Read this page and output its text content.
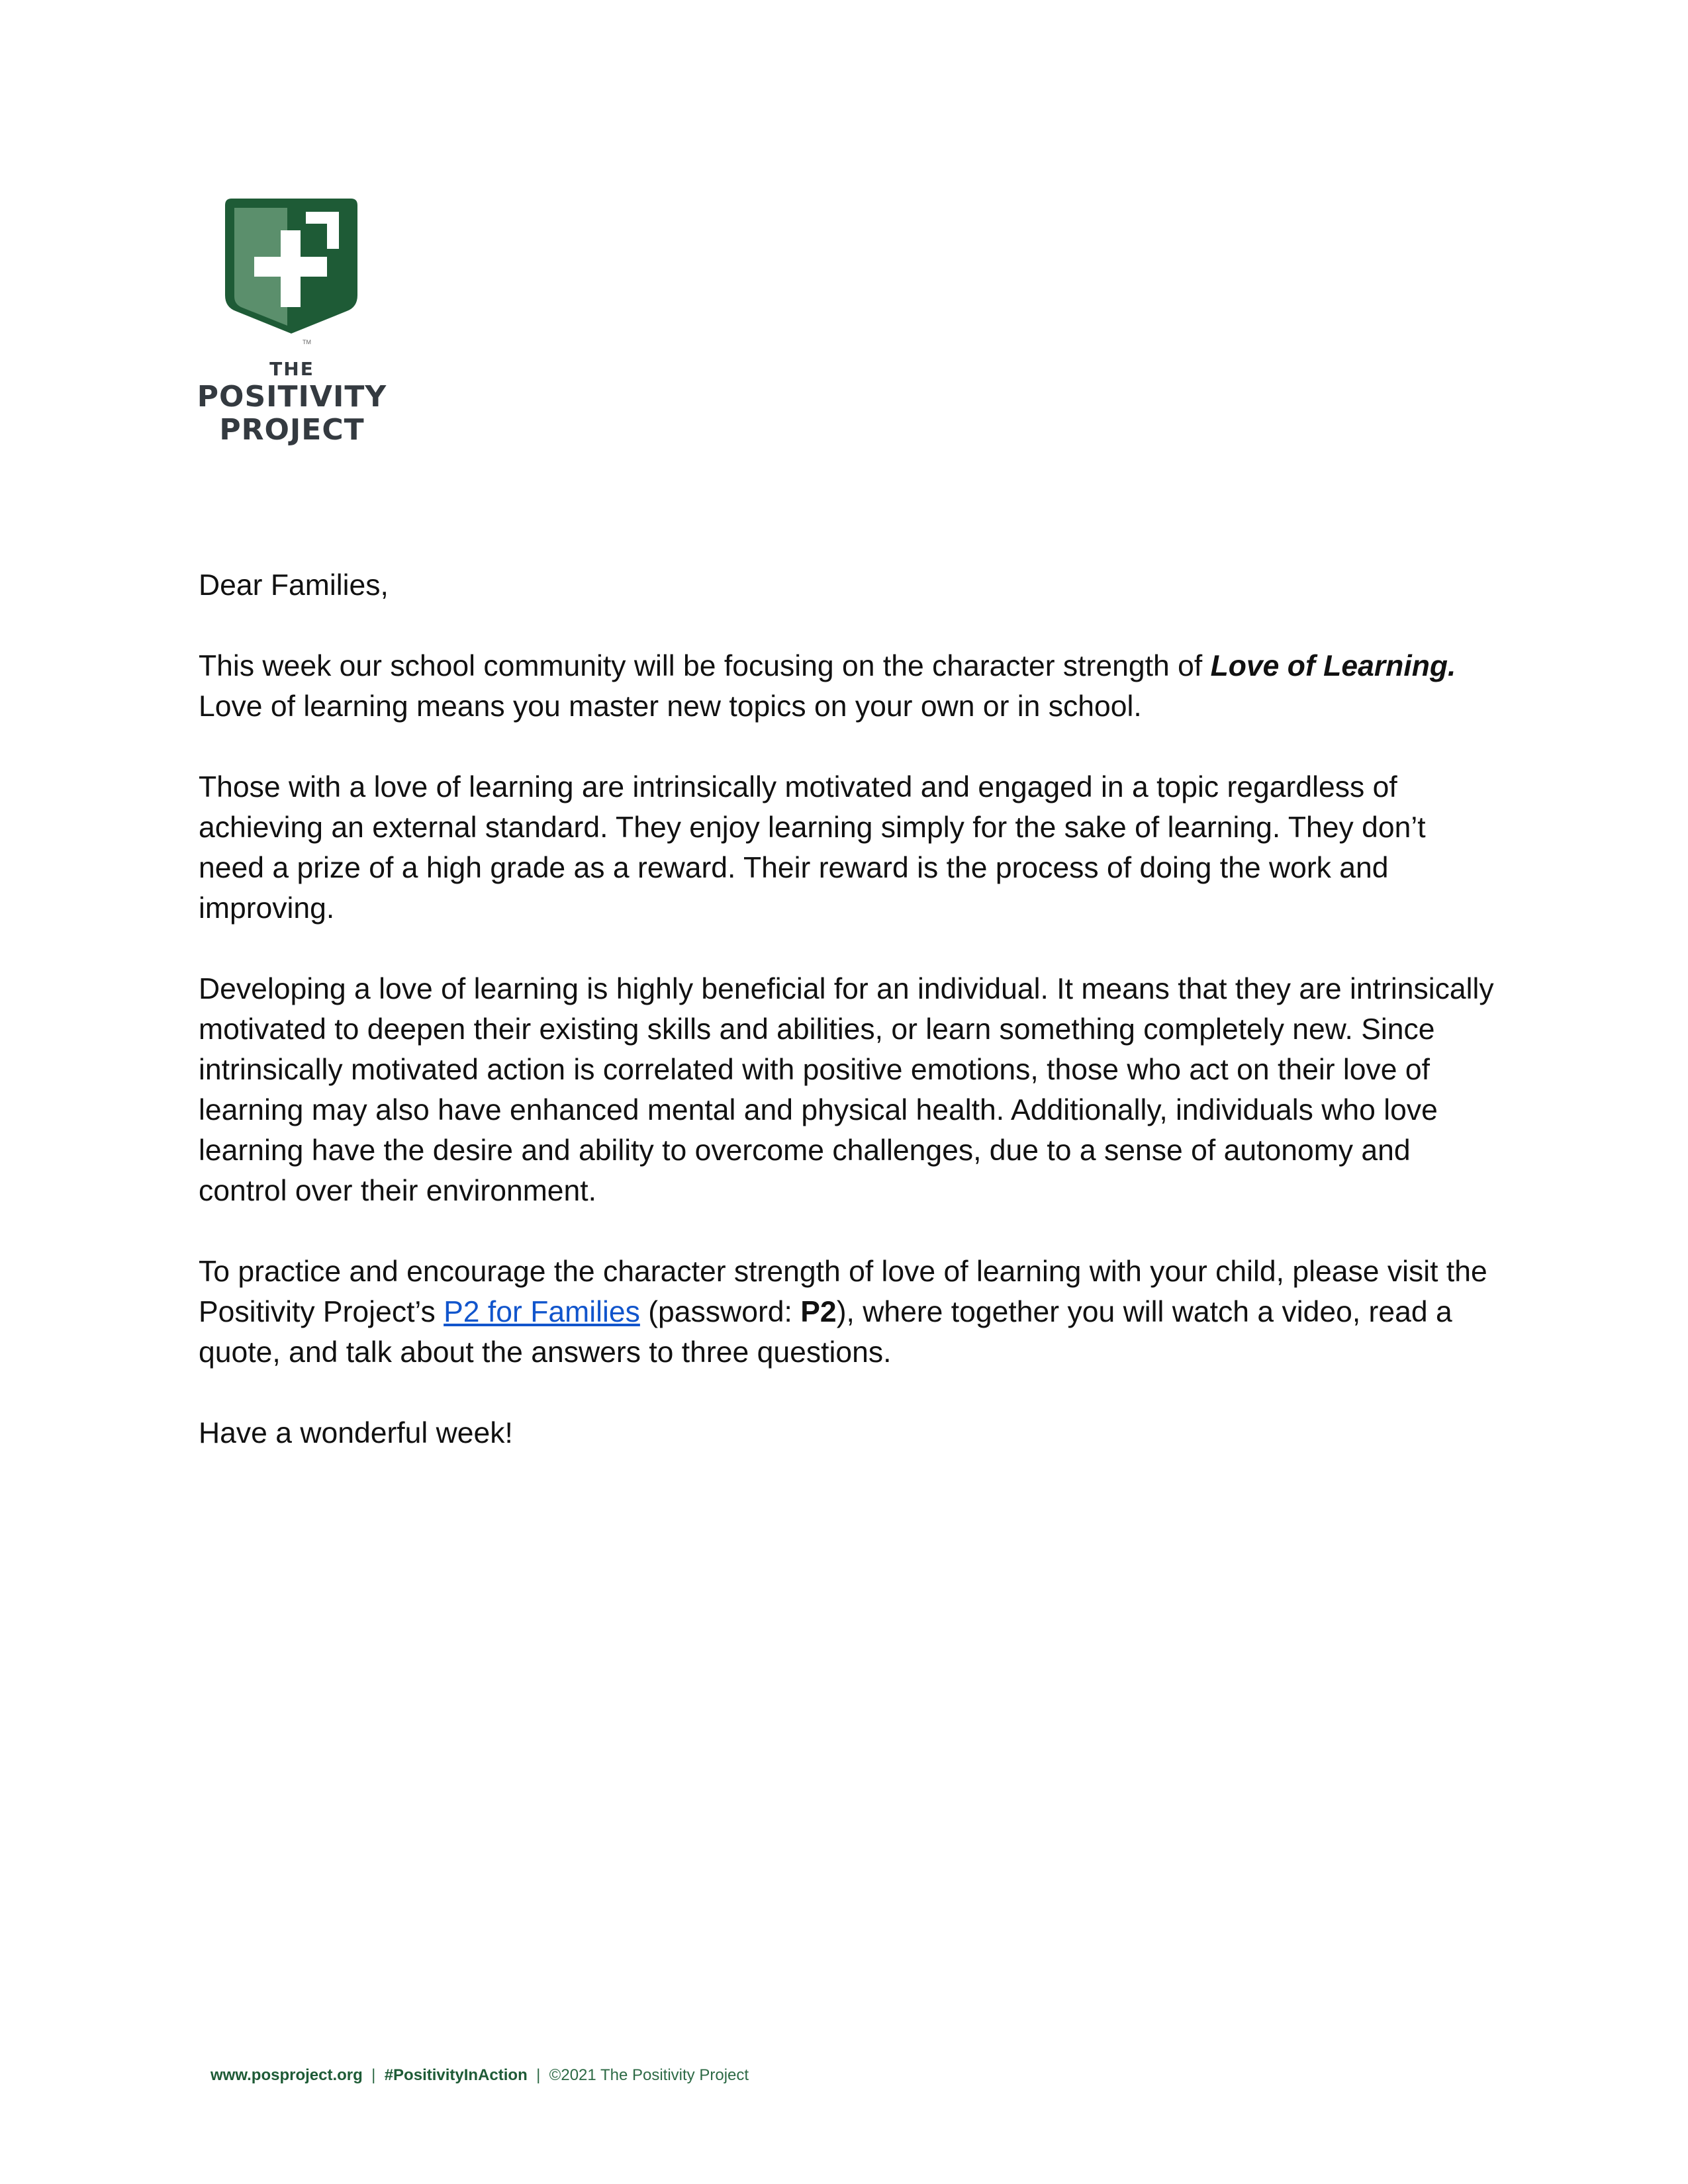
TM
THE
POSITIVITY
PROJECT

Dear Families,

This week our school community will be focusing on the character strength of Love of Learning. Love of learning means you master new topics on your own or in school.

Those with a love of learning are intrinsically motivated and engaged in a topic regardless of achieving an external standard. They enjoy learning simply for the sake of learning. They don’t need a prize of a high grade as a reward. Their reward is the process of doing the work and improving.

Developing a love of learning is highly beneficial for an individual. It means that they are intrinsically motivated to deepen their existing skills and abilities, or learn something completely new. Since intrinsically motivated action is correlated with positive emotions, those who act on their love of learning may also have enhanced mental and physical health. Additionally, individuals who love learning have the desire and ability to overcome challenges, due to a sense of autonomy and control over their environment.

To practice and encourage the character strength of love of learning with your child, please visit the Positivity Project’s P2 for Families (password: P2), where together you will watch a video, read a quote, and talk about the answers to three questions.

Have a wonderful week!

www.posproject.org  |  #PositivityInAction  |  ©2021 The Positivity Project
